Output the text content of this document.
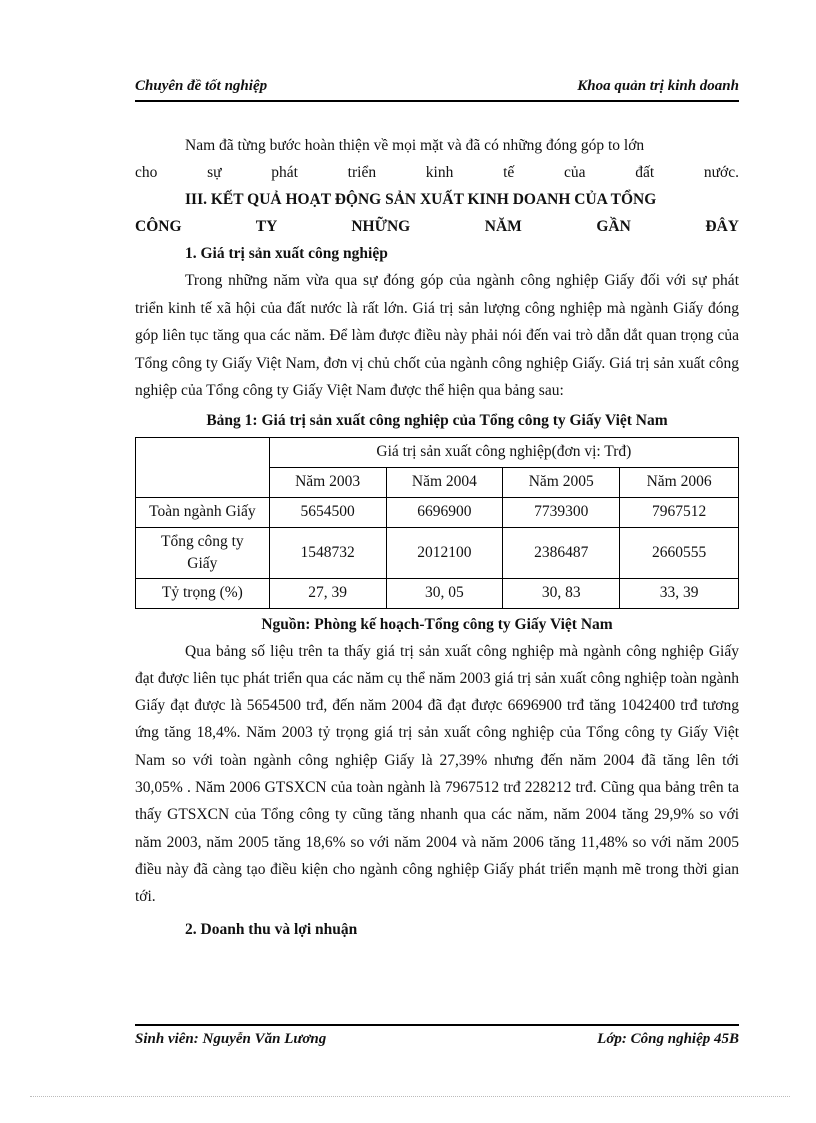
Chuyên đề tốt nghiệp	Khoa quản trị kinh doanh

Nam đã từng bước hoàn thiện về mọi mặt và đã có những đóng góp to lớn

cho sự phát triển kinh tế của đất nước.

III. KẾT QUẢ HOẠT ĐỘNG SẢN XUẤT KINH DOANH CỦA TỔNG

CÔNG TY NHỮNG NĂM GẦN ĐÂY

1. Giá trị sản xuất công nghiệp

Trong những năm vừa qua sự đóng góp của ngành công nghiệp Giấy đối với sự phát triển kinh tế xã hội của đất nước là rất lớn. Giá trị sản lượng công nghiệp mà ngành Giấy đóng góp liên tục tăng qua các năm. Để làm được điều này phải nói đến vai trò dẫn dắt quan trọng của Tổng công ty Giấy Việt Nam, đơn vị chủ chốt của ngành công nghiệp Giấy. Giá trị sản xuất công nghiệp của Tổng công ty Giấy Việt Nam được thể hiện qua bảng sau:

Bảng 1: Giá trị sản xuất công nghiệp của Tổng công ty Giấy Việt Nam

	Giá trị sản xuất công nghiệp(đơn vị: Trđ)			
	Năm 2003	Năm 2004	Năm 2005	Năm 2006
Toàn ngành Giấy	5654500	6696900	7739300	7967512
Tổng công ty
Giấy	1548732	2012100	2386487	2660555
Tỷ trọng (%)	27, 39	30, 05	30, 83	33, 39

Nguồn: Phòng kế hoạch-Tổng công ty Giấy Việt Nam

Qua bảng số liệu trên ta thấy giá trị sản xuất công nghiệp mà ngành công nghiệp Giấy đạt được liên tục phát triển qua các năm cụ thể năm 2003 giá trị sản xuất công nghiệp toàn ngành Giấy đạt được là 5654500 trđ, đến năm 2004 đã đạt được 6696900 trđ tăng 1042400 trđ tương ứng tăng 18,4%. Năm 2003 tỷ trọng giá trị sản xuất công nghiệp của Tổng công ty Giấy Việt Nam so với toàn ngành công nghiệp Giấy là 27,39% nhưng đến năm 2004 đã tăng lên tới 30,05% . Năm 2006 GTSXCN của toàn ngành là 7967512 trđ 228212 trđ. Cũng qua bảng trên ta thấy GTSXCN của Tổng công ty cũng tăng nhanh qua các năm, năm 2004 tăng 29,9% so với năm 2003, năm 2005 tăng 18,6% so với năm 2004 và năm 2006 tăng 11,48% so với năm 2005 điều này đã càng tạo điều kiện cho ngành công nghiệp Giấy phát triển mạnh mẽ trong thời gian tới.

2. Doanh thu và lợi nhuận

Sinh viên: Nguyễn Văn Lương	Lớp: Công nghiệp 45B
